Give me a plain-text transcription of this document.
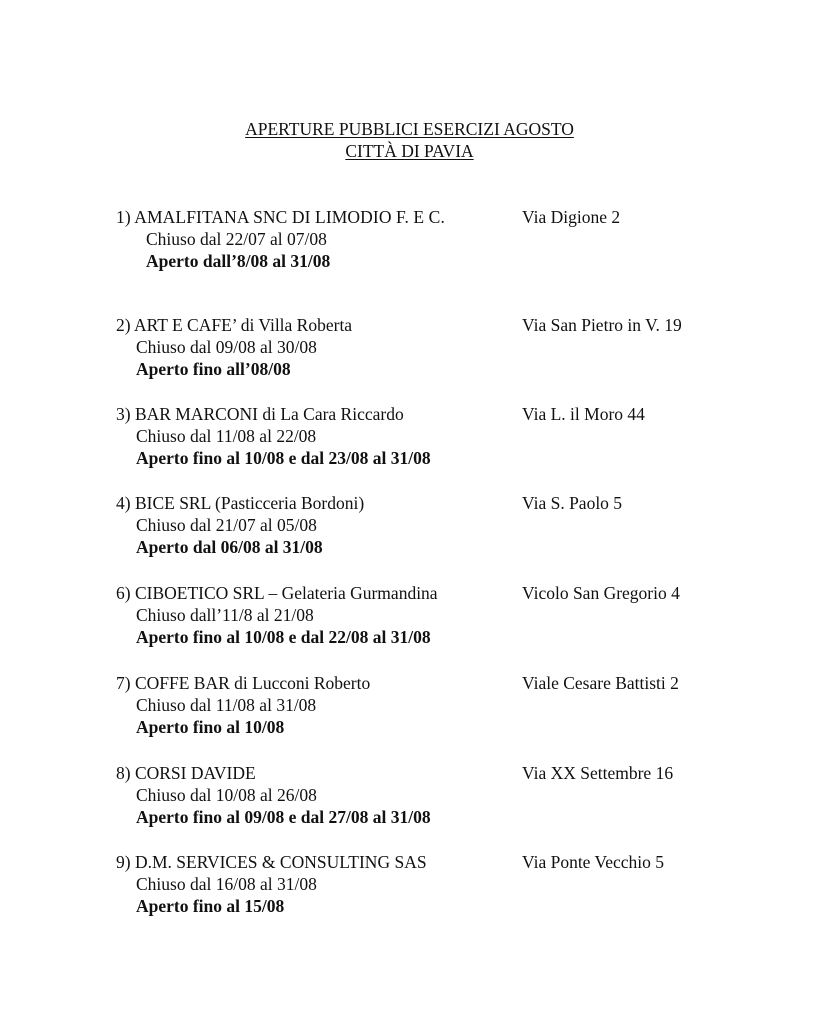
APERTURE PUBBLICI ESERCIZI AGOSTO
CITTÀ DI PAVIA
1) AMALFITANA SNC DI LIMODIO F. E C.	Via Digione 2
Chiuso dal 22/07 al 07/08
Aperto dall’8/08 al 31/08
2) ART E CAFE’ di Villa Roberta	Via San Pietro in V. 19
Chiuso dal 09/08 al 30/08
Aperto fino all’08/08
3) BAR MARCONI di La Cara Riccardo	Via L. il Moro 44
Chiuso dal 11/08 al 22/08
Aperto fino al 10/08 e dal 23/08 al 31/08
4) BICE SRL (Pasticceria Bordoni)	Via S. Paolo 5
Chiuso dal 21/07 al 05/08
Aperto dal 06/08 al 31/08
6) CIBOETICO SRL – Gelateria Gurmandina	Vicolo San Gregorio 4
Chiuso dall’11/8 al 21/08
Aperto fino al 10/08 e dal 22/08 al 31/08
7) COFFE BAR di Lucconi Roberto	Viale Cesare Battisti 2
Chiuso dal 11/08 al 31/08
Aperto fino al 10/08
8) CORSI DAVIDE	Via XX Settembre 16
Chiuso dal 10/08 al 26/08
Aperto fino al 09/08 e dal 27/08 al 31/08
9) D.M. SERVICES & CONSULTING SAS	Via Ponte Vecchio 5
Chiuso dal 16/08 al 31/08
Aperto fino al 15/08
